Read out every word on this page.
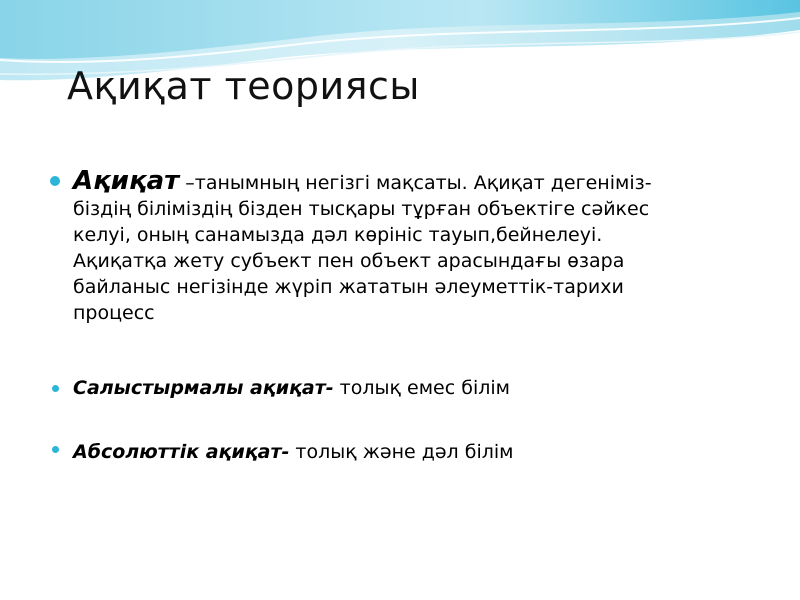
Ақиқат теориясы
Ақиқат –танымның негізгі мақсаты. Ақиқат дегеніміз-
біздің біліміздің бізден тысқары тұрған объектіге сәйкес
келуі, оның санамызда дәл көрініс тауып,бейнелеуі.
Ақиқатқа жету субъект пен объект арасындағы өзара
байланыс негізінде жүріп жататын әлеуметтік-тарихи
процесс
Салыстырмалы ақиқат- толық емес білім
Абсолюттік ақиқат- толық және дәл білім
